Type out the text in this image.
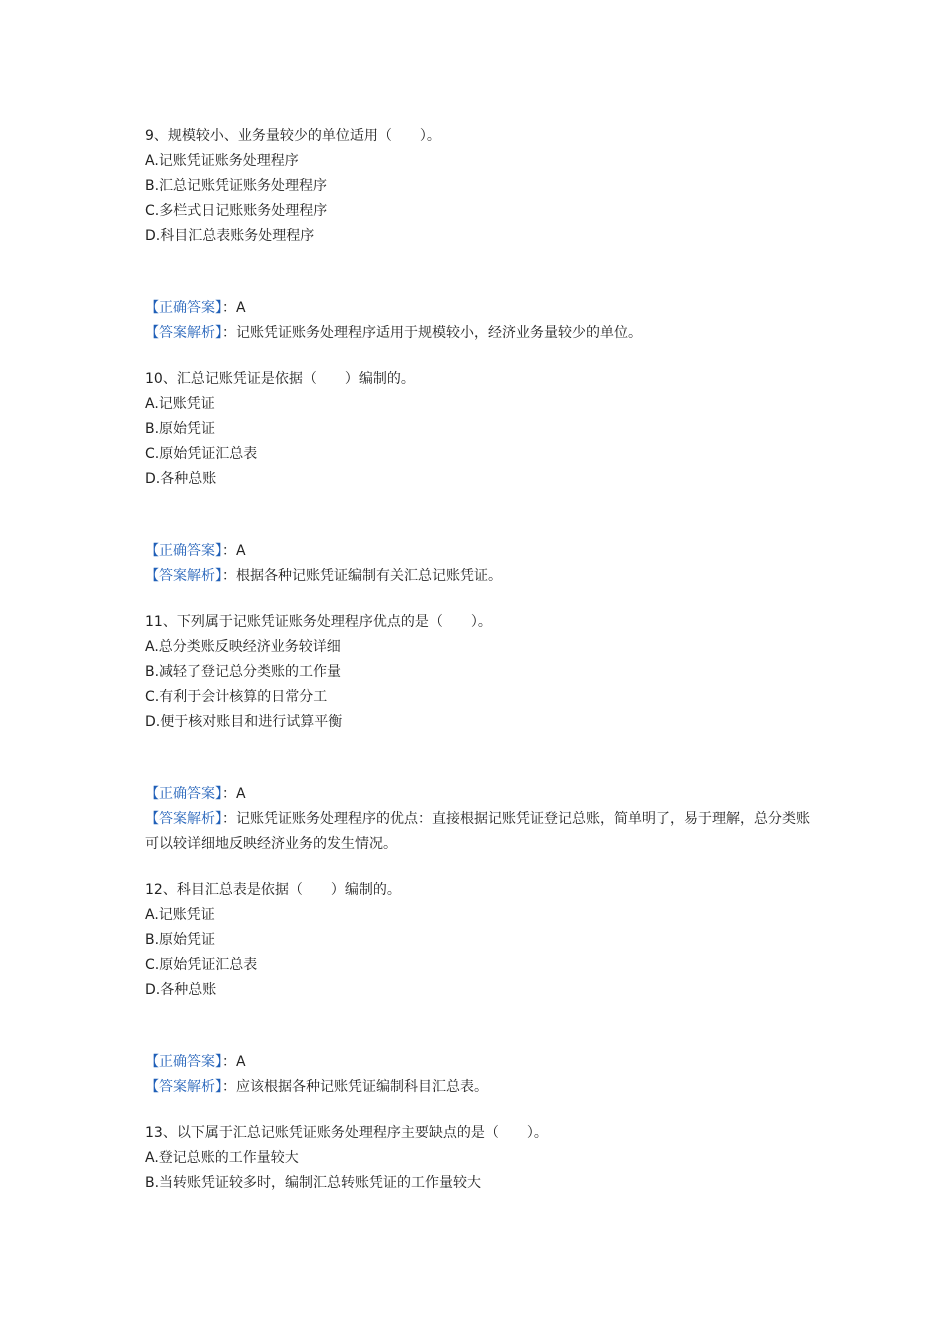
9、规模较小、业务量较少的单位适用（　　）。
A.记账凭证账务处理程序
B.汇总记账凭证账务处理程序
C.多栏式日记账账务处理程序
D.科目汇总表账务处理程序
【正确答案】：A
【答案解析】：记账凭证账务处理程序适用于规模较小，经济业务量较少的单位。
10、汇总记账凭证是依据（　　）编制的。
A.记账凭证
B.原始凭证
C.原始凭证汇总表
D.各种总账
【正确答案】：A
【答案解析】：根据各种记账凭证编制有关汇总记账凭证。
11、下列属于记账凭证账务处理程序优点的是（　　）。
A.总分类账反映经济业务较详细
B.减轻了登记总分类账的工作量
C.有利于会计核算的日常分工
D.便于核对账目和进行试算平衡
【正确答案】：A
【答案解析】：记账凭证账务处理程序的优点：直接根据记账凭证登记总账，简单明了，易于理解，总分类账可以较详细地反映经济业务的发生情况。
12、科目汇总表是依据（　　）编制的。
A.记账凭证
B.原始凭证
C.原始凭证汇总表
D.各种总账
【正确答案】：A
【答案解析】：应该根据各种记账凭证编制科目汇总表。
13、以下属于汇总记账凭证账务处理程序主要缺点的是（　　）。
A.登记总账的工作量较大
B.当转账凭证较多时，编制汇总转账凭证的工作量较大
